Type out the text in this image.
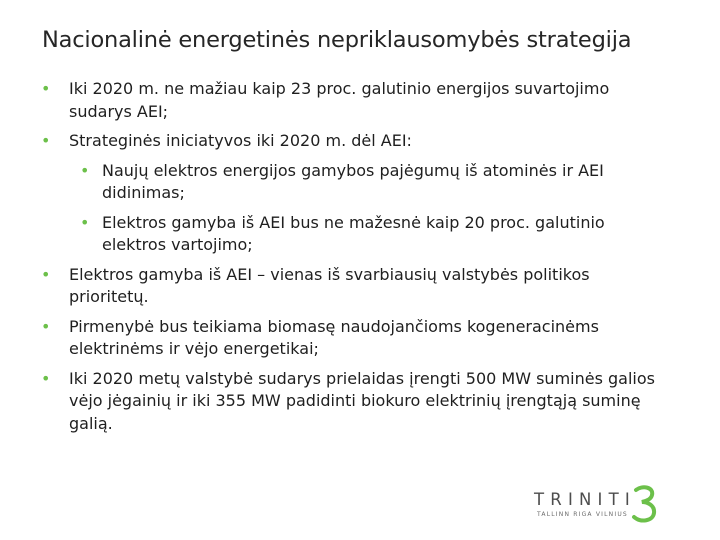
Nacionalinė energetinės nepriklausomybės strategija
• Iki 2020 m. ne mažiau kaip 23 proc. galutinio energijos suvartojimo sudarys AEI;
• Strateginės iniciatyvos iki 2020 m. dėl AEI:
• Naujų elektros energijos gamybos pajėgumų iš atominės ir AEI didinimas;
• Elektros gamyba iš AEI bus ne mažesnė kaip 20 proc. galutinio elektros vartojimo;
• Elektros gamyba iš AEI – vienas iš svarbiausių valstybės politikos prioritetų.
• Pirmenybė bus teikiama biomasę naudojančioms kogeneracinėms elektrinėms ir vėjo energetikai;
• Iki 2020 metų valstybė sudarys prielaidas įrengti 500 MW suminės galios vėjo jėgainių ir iki 355 MW padidinti biokuro elektrinių įrengtąją suminę galią.
TRINITI
TALLINN RIGA VILNIUS
